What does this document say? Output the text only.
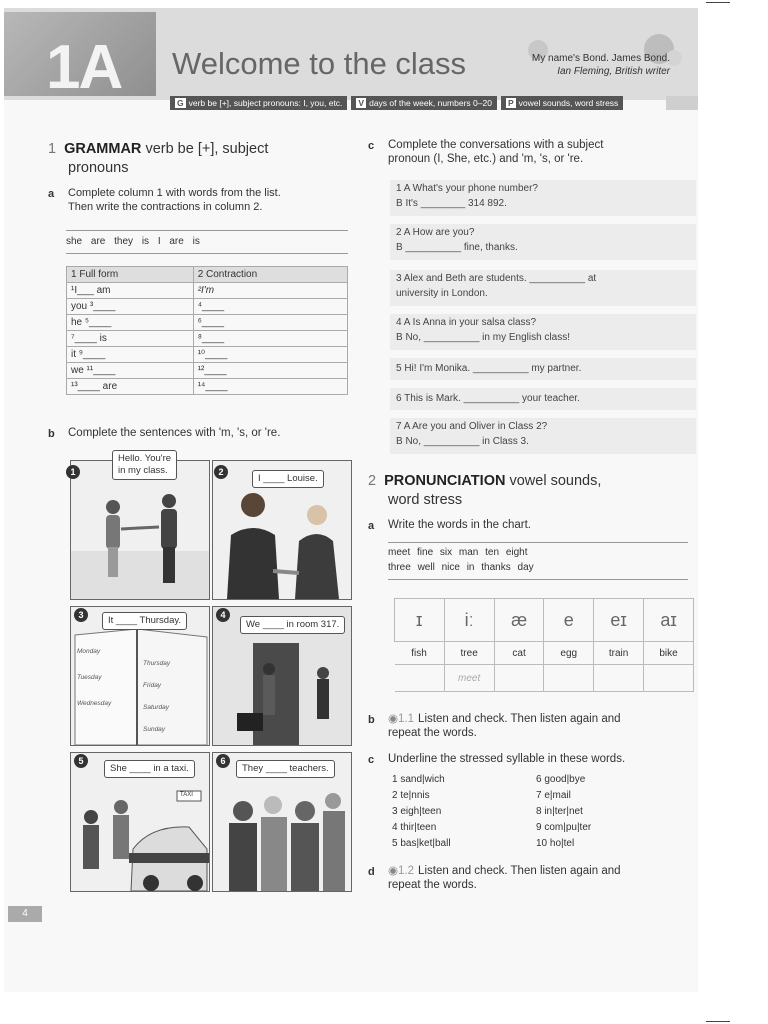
1A Welcome to the class	My name's Bond. James Bond.
Ian Fleming, British writer
G verb be [+], subject pronouns: I, you, etc.	V days of the week, numbers 0–20	P vowel sounds, word stress
1 GRAMMAR verb be [+], subject
pronouns
a Complete column 1 with words from the list.
Then write the contractions in column 2.
she are they is I are is
1 Full form	2 Contraction
¹I___ am	²I'm
you ³____	⁴____
he ⁵____	⁶____
⁷____ is	⁸____
it ⁹____	¹⁰____
we ¹¹____	¹²____
¹³____ are	¹⁴____
b Complete the sentences with 'm, 's, or 're.
1
Hello. You're
in my class.	2
I ____ Louise.
Monday
Tuesday
Wednesday
Thursday
Friday
Saturday
Sunday
3	It ____ Thursday.	4
We ____ in room 317.
TAXI
5
She ____ in a taxi.
6
They ____ teachers.
c Complete the conversations with a subject
pronoun (I, She, etc.) and 'm, 's, or 're.
1 A What's your phone number?
B It's ________ 314 892.
2 A How are you?
B __________ fine, thanks.
3 Alex and Beth are students. __________ at
university in London.
4 A Is Anna in your salsa class?
B No, __________ in my English class!
5 Hi! I'm Monika. __________ my partner.
6 This is Mark. __________ your teacher.
7 A Are you and Oliver in Class 2?
B No, __________ in Class 3.
2 PRONUNCIATION vowel sounds,
word stress
a Write the words in the chart.
meet fine six man ten eight
three well nice in thanks day
ɪ	iː	æ	e	eɪ	aɪ
fish	tree	cat	egg	train	bike
	meet				
b ◉1.1 Listen and check. Then listen again and
repeat the words.
c Underline the stressed syllable in these words.
1 sand|wich
2 te|nnis
3 eigh|teen
4 thir|teen
5 bas|ket|ball
6 good|bye
7 e|mail
8 in|ter|net
9 com|pu|ter
10 ho|tel
d ◉1.2 Listen and check. Then listen again and
repeat the words.
4
